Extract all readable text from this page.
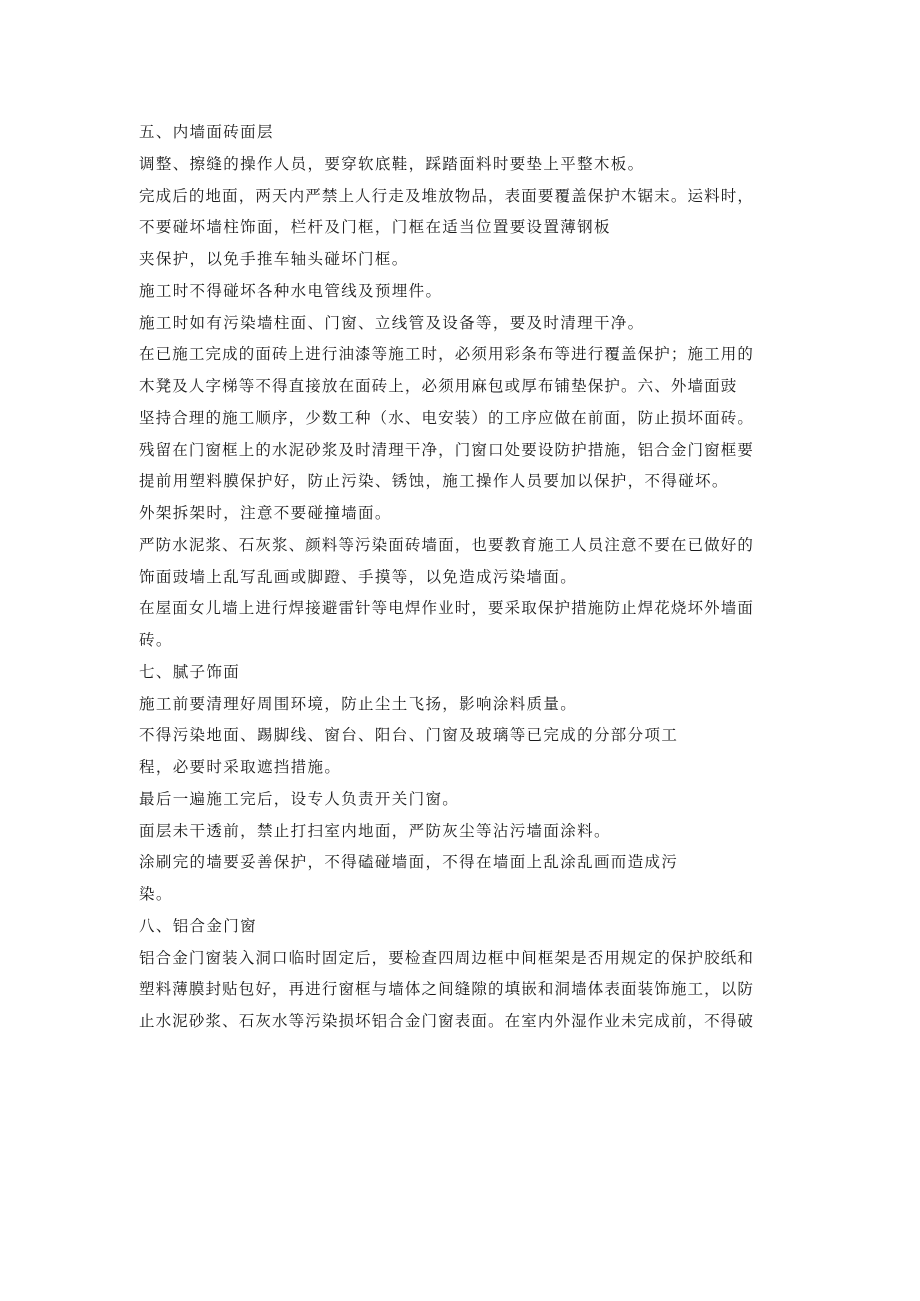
五、内墙面砖面层
调整、擦缝的操作人员，要穿软底鞋，踩踏面料时要垫上平整木板。
完成后的地面，两天内严禁上人行走及堆放物品，表面要覆盖保护木锯末。运料时，
不要碰坏墙柱饰面，栏杆及门框，门框在适当位置要设置薄钢板
夹保护，以免手推车轴头碰坏门框。
施工时不得碰坏各种水电管线及预埋件。
施工时如有污染墙柱面、门窗、立线管及设备等，要及时清理干净。
在已施工完成的面砖上进行油漆等施工时，必须用彩条布等进行覆盖保护；施工用的
木凳及人字梯等不得直接放在面砖上，必须用麻包或厚布铺垫保护。六、外墙面豉
坚持合理的施工顺序，少数工种（水、电安装）的工序应做在前面，防止损坏面砖。
残留在门窗框上的水泥砂浆及时清理干净，门窗口处要设防护措施，铝合金门窗框要
提前用塑料膜保护好，防止污染、锈蚀，施工操作人员要加以保护，不得碰坏。
外架拆架时，注意不要碰撞墙面。
严防水泥浆、石灰浆、颜料等污染面砖墙面，也要教育施工人员注意不要在已做好的
饰面豉墙上乱写乱画或脚蹬、手摸等，以免造成污染墙面。
在屋面女儿墙上进行焊接避雷针等电焊作业时，要采取保护措施防止焊花烧坏外墙面
砖。
七、腻子饰面
施工前要清理好周围环境，防止尘土飞扬，影响涂料质量。
不得污染地面、踢脚线、窗台、阳台、门窗及玻璃等已完成的分部分项工
程，必要时采取遮挡措施。
最后一遍施工完后，设专人负责开关门窗。
面层未干透前，禁止打扫室内地面，严防灰尘等沾污墙面涂料。
涂刷完的墙要妥善保护，不得磕碰墙面，不得在墙面上乱涂乱画而造成污
染。
八、铝合金门窗
铝合金门窗装入洞口临时固定后，要检查四周边框中间框架是否用规定的保护胶纸和
塑料薄膜封贴包好，再进行窗框与墙体之间缝隙的填嵌和洞墙体表面装饰施工，以防
止水泥砂浆、石灰水等污染损坏铝合金门窗表面。在室内外湿作业未完成前，不得破
